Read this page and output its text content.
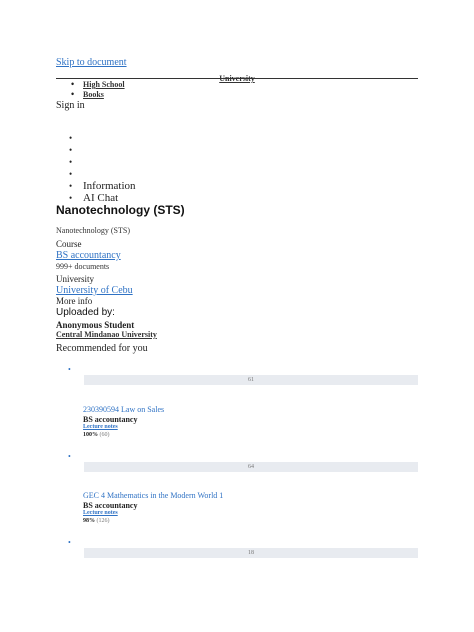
Skip to document
University
• High School
• Books
Sign in
•
•
•
•
• Information
• AI Chat
Nanotechnology (STS)
Nanotechnology (STS)
Course
BS accountancy
999+ documents
University
University of Cebu
More info
Uploaded by:
Anonymous Student
Central Mindanao University
Recommended for you
•
61
230390594 Law on Sales
BS accountancy
Lecture notes
100% (60)
•
64
GEC 4 Mathematics in the Modern World 1
BS accountancy
Lecture notes
98% (126)
•
18
